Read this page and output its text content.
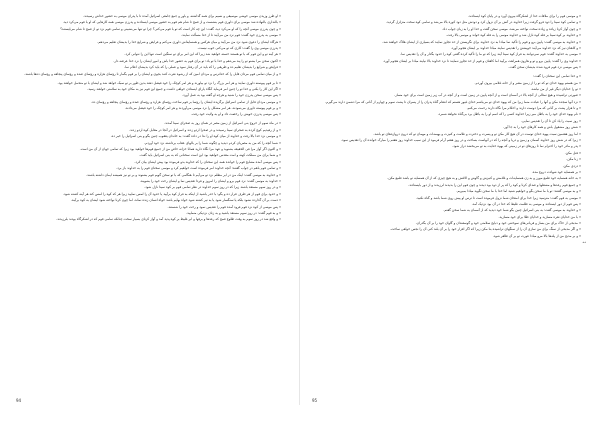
« او طرز وزیدن موسی خوشی موسیقی و نسیم برای همه گذاشته، و باور و جمع جامعی اسرائیل آمده تا با پدران موسی به حضور خداش رسیدند.
« بالنداری بالنهاده شد موسی برای داوری قوم بنشست و از صبح تا شام هم قوم به حضور موسی ایستادند و پدرزن موسی همه کارهایی که او با قوم می‌کرد دید.
« و چون پدرزن موسی آنچه را که او می‌کرد دید، گفت: این چه کار است که تو با قوم می‌کنی؟ چرا تو تنها می‌نشینی و تمامی قوم نزد تو از صبح تا شام می‌ایستند؟
« موسی به پدرزن خود گفت: قوم نزد من می‌آیند تا از خدا مسألت نمایند.
« هرگاه ایشان را دعوی شود نزد من می‌آیند و میان هرکس و همسایه‌اش داوری می‌کنم و فرایض و شرایع خدا را بدیشان تعلیم می‌دهم.
« پدرزن موسی وی را گفت: کاری که تو می‌کنی خوب نیست.
« هر آینه تو و این قوم که با تو هستند خسته خواهید شد زیرا که این امر برای تو سنگین است تنها این را نتوانی کرد.
« اکنون سخن مرا بشنو تو را پند می‌دهم و خدا با تو باد: تو برای قوم به حضور خدا باش و امور ایشان را نزد خدا عرضه دار.
« فرایض و شرایع را بدیشان تعلیم ده و طریقی را که باید در آن رفتار نمود و عملی را که باید کرد بدیشان اعلام نما.
« و از میان تمامی قوم مردان قابل را که خداترس و مردان امین که از رشوه نفرت کنند بجوی و ایشان را بر قوم بگمار تا رؤسای هزاره و رؤسای صده و رؤسای پنجاهه و رؤسای ده‌ها باشند.
« تا بر قوم پیوسته داوری نمایند و هر امر بزرگ را نزد تو بیاورند و هر امر کوچک را خود فیصل دهند بدین طور بر تو سبک خواهد شد و ایشان با تو متحمل خواهند بود.
« اگر این کار را بکنی و خدا تو را چنین امر فرماید آنگاه یارای ایستادن خواهی داشت و جمیع این قوم نیز به مکان خود به سلامتی خواهند رسید.
« پس موسی سخن پدرزن خود را شنید و هرچه او گفته بود به عمل آورد.
« و موسی مردان قابل از تمامی اسرائیل برگزیده ایشان را رؤسا بر قوم ساخت رؤسای هزاره و رؤسای صده و رؤسای پنجاهه و رؤسای ده.
« و بر قوم پیوسته داوری می‌نمودند، هر امر مشکل را نزد موسی می‌آوردند و هر امر کوچک را خود فیصل می‌دادند.
« پس موسی پدرزن خویش را رخصت داد و او به ولایت خود رفت.
« در ماه سوم از خروج بنی اسرائیل از زمین مصر در همان روز به صحرای سینا آمدند.
« و از رفیدیم کوچ کرده به صحرای سینا رسیدند و در صحرا اردو زدند و اسرائیل در آنجا در مقابل کوه اردو زدند.
« و موسی نزد خدا بالا رفت و خداوند از میان کوه او را ندا در داده گفت: به خاندان یعقوب چنین بگو و بنی اسرائیل را خبر ده.
« شما آنچه را که من به مصریان کردم دیدید و چگونه شما را بر بالهای عقاب برداشته نزد خود آوردم.
« و اکنون اگر آواز مرا فی الحقیقه بشنوید و عهد مرا نگاه دارید همانا خزانه خاص من از جمیع قوم‌ها خواهید بود زیرا که تمامی جهان از آن من است.
« و شما برای من مملکت کهنه و امت مقدس خواهید بود این است سخنانی که به بنی اسرائیل باید گفت.
« پس موسی آمده مشایخ قوم را خوانده همه این سخنان را که خداوند بدو فرموده بود پیش ایشان بیان کرد.
« و تمامی قوم باهم در جواب گفتند: آنچه خداوند امر فرموده است خواهیم کرد و موسی سخنان قوم را به خداوند باز برد.
« و خداوند به موسی گفت: اینک من در ابر مظلم نزد تو می‌آیم تا هنگامی که با تو سخن گویم قوم بشنوند و بر تو نیز همیشه ایمان داشته باشند.
« خداوند به موسی گفت: نزد قوم برو و ایشان را امروز و فردا تقدیس نما و ایشان رخت خود را بشویند.
« و در روز سوم مستعد باشند زیرا که در روز سوم خداوند در نظر تمامی قوم بر کوه سینا نازل شود.
« و حدود برای قوم از هر طرف قرار ده و بگو: با حذر باشید از اینکه به فراز کوه برآیید یا حدود آن را لمس نمایید زیرا هر که کوه را لمس کند هر آینه کشته شود.
« دست بر آن گذارده نشود بلکه یا سنگسار شود یا به تیر کشته شود خواه بهایم باشد خواه انسان زنده نماند، اما چون کرنا نواخته شود ایشان به کوه برآیند.
« پس موسی از کوه نزد قوم فرود آمده قوم را تقدیس نمود و رخت خود را شستند.
« و به قوم گفت: در روز سوم مستعد باشید و به زنان نزدیکی منمایید.
« و واقع شد در روز سوم به وقت طلوع صبح که رعدها و برقها و ابر غلیظ بر کوه پدید آمد و آواز کرنای بسیار سخت چنانکه تمامی قوم که در لشکرگاه بودند بلرزیدند.
94
« و موسی قوم را برای ملاقات خدا از لشکرگاه بیرون آورد و در پایان کوه ایستادند.
« و تمامی کوه سینا را دود فرو گرفت زیرا خداوند در آتش بر آن نزول کرد و دودش مثل دود کوره بالا می‌شد و تمامی کوه سخت متزلزل گردید.
« و چون آواز کرنا زیاده و زیاده سخت نواخته می‌شد، موسی سخن گفت و خدا او را به زبان جواب داد.
« و خداوند بر کوه سینا بر قله کوه نازل شد و خداوند موسی را به قله کوه خواند و موسی بالا رفت.
« و خداوند به موسی گفت: پایین برو و قوم را تأکید نما مبادا به نزد خداوند برای نگریستن از حد تجاوز نمایند که بسیاری از ایشان هلاک خواهند شد.
« و کاهنان نیز که نزد خداوند می‌آیند خویشتن را تقدیس نمایند مبادا خداوند بر ایشان هجوم آورد.
« موسی به خداوند گفت: قوم نمی‌توانند به فراز کوه سینا آیند زیرا که تو ما را تأکید کرده گفتی کوه را حدود بگذار و آن را تقدیس نما.
« خداوند وی را گفت: پایین برو و تو و هارون همراهت برآیید اما کاهنان و قوم از حد تجاوز ننمایند تا نزد خداوند بالا نیایند مبادا بر ایشان هجوم آورد.
« پس موسی نزد قوم فرود شده بدیشان سخن گفت.
« و خدا تمامی این سخنان را گفت:
« من هستم یهوه خدای تو که تو را از زمین مصر و از خانه غلامی بیرون آوردم.
« تو را خدایان دیگر غیر از من نباشد.
« صورتی تراشیده و هیچ تمثالی از آنچه بالا در آسمان است و از آنچه پایین در زمین است و از آنچه در آب زیر زمین است برای خود مساز.
« نزد آنها سجده مکن و آنها را عبادت منما زیرا من که یهوه خدای تو می‌باشم خدای غیور هستم که انتقام گناه پدران را از پسران تا پشت سوم و چهارم از آنانی که مرا دشمن دارند می‌گیرم.
« و تا هزار پشت بر آنانی که مرا دوست دارند و احکام مرا نگاه دارند رحمت می‌کنم.
« نام یهوه خدای خود را به باطل مبر زیرا خداوند کسی را که اسم او را به باطل برد بی‌گناه نخواهد شمرد.
« روز سبت را یاد کن تا آن را تقدیس نمایی.
« شش روز مشغول باش و همه کارهای خود را به جا آور.
« اما روز هفتمین سبت یهوه خدای توست در آن هیچ کار مکن تو و پسرت و دخترت و غلامت و کنیزت و بهیمه‌ات و مهمان تو که درون دروازه‌های تو باشد.
« زیرا که در شش روز خداوند آسمان و زمین و دریا و آنچه را که در آنهاست بساخت و در روز هفتم آرام فرمود از این سبب خداوند روز هفتم را مبارک خوانده آن را تقدیس نمود.
« پدر و مادر خود را احترام نما تا روزهای تو در زمینی که یهوه خدایت به تو می‌بخشد دراز شود.
« قتل مکن.
« زنا مکن.
« دزدی مکن.
« بر همسایه خود شهادت دروغ مده.
« به خانه همسایه خود طمع مورز و به زن همسایه‌ات و غلامش و کنیزش و گاوش و الاغش و به هیچ چیزی که از آن همسایه تو باشد طمع مکن.
« و جمیع قوم رعدها و مشعلها و صدای کرنا و کوه را که پر از دود بود دیدند و چون قوم این را بدیدند لرزیدند و از دور بایستادند.
« و به موسی گفتند: تو با ما سخن بگو و خواهیم شنید اما خدا با ما سخن نگوید مبادا بمیریم.
« موسی به قوم گفت: مترسید زیرا خدا برای امتحان شما نزول فرموده است تا ترس او پیش روی شما باشد و گناه نکنید.
« پس قوم از دور ایستادند و موسی به ظلمت غلیظ که خدا در آن بود نزدیک آمد.
« و خداوند به موسی گفت: به بنی اسرائیل چنین بگو شما خود دیدید که از آسمان به شما سخن گفتم.
« با من خدایان نقره مسازید و خدایان طلا برای خود مسازید.
« مذبحی از خاک برای من بساز و قربانی‌های سوختنی خود و ذبایح سلامتی خود و گوسفندان و گاوان خود را بر آن بگذران.
« و اگر مذبحی از سنگ برای من سازی آن را از سنگهای تراشیده بنا مکن زیرا که اگر افزار خود را بر آن بلند کنی آن را نجس خواهی ساخت.
« و بر مذبح من از پله‌ها بالا مرو مبادا عورت تو بر آن ظاهر شود.
٭٭
95
